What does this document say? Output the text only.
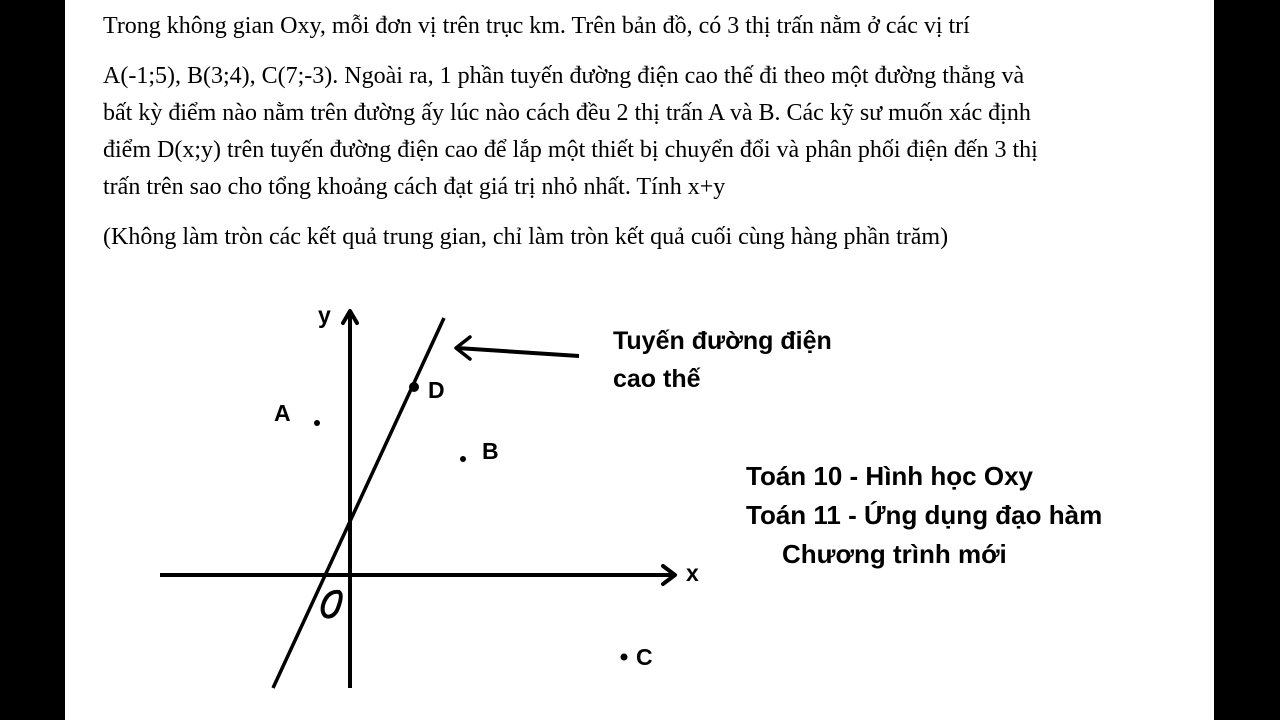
Trong không gian Oxy, mỗi đơn vị trên trục km. Trên bản đồ, có 3 thị trấn nằm ở các vị trí

A(-1;5), B(3;4), C(7;-3). Ngoài ra, 1 phần tuyến đường điện cao thế đi theo một đường thẳng và
bất kỳ điểm nào nằm trên đường ấy lúc nào cách đều 2 thị trấn A và B. Các kỹ sư muốn xác định
điểm D(x;y) trên tuyến đường điện cao để lắp một thiết bị chuyển đổi và phân phối điện đến 3 thị
trấn trên sao cho tổng khoảng cách đạt giá trị nhỏ nhất. Tính x+y

(Không làm tròn các kết quả trung gian, chỉ làm tròn kết quả cuối cùng hàng phần trăm)

y
x
A
B
C
D
Tuyến đường điện
cao thế
Toán 10 - Hình học Oxy
Toán 11 - Ứng dụng đạo hàm
Chương trình mới
